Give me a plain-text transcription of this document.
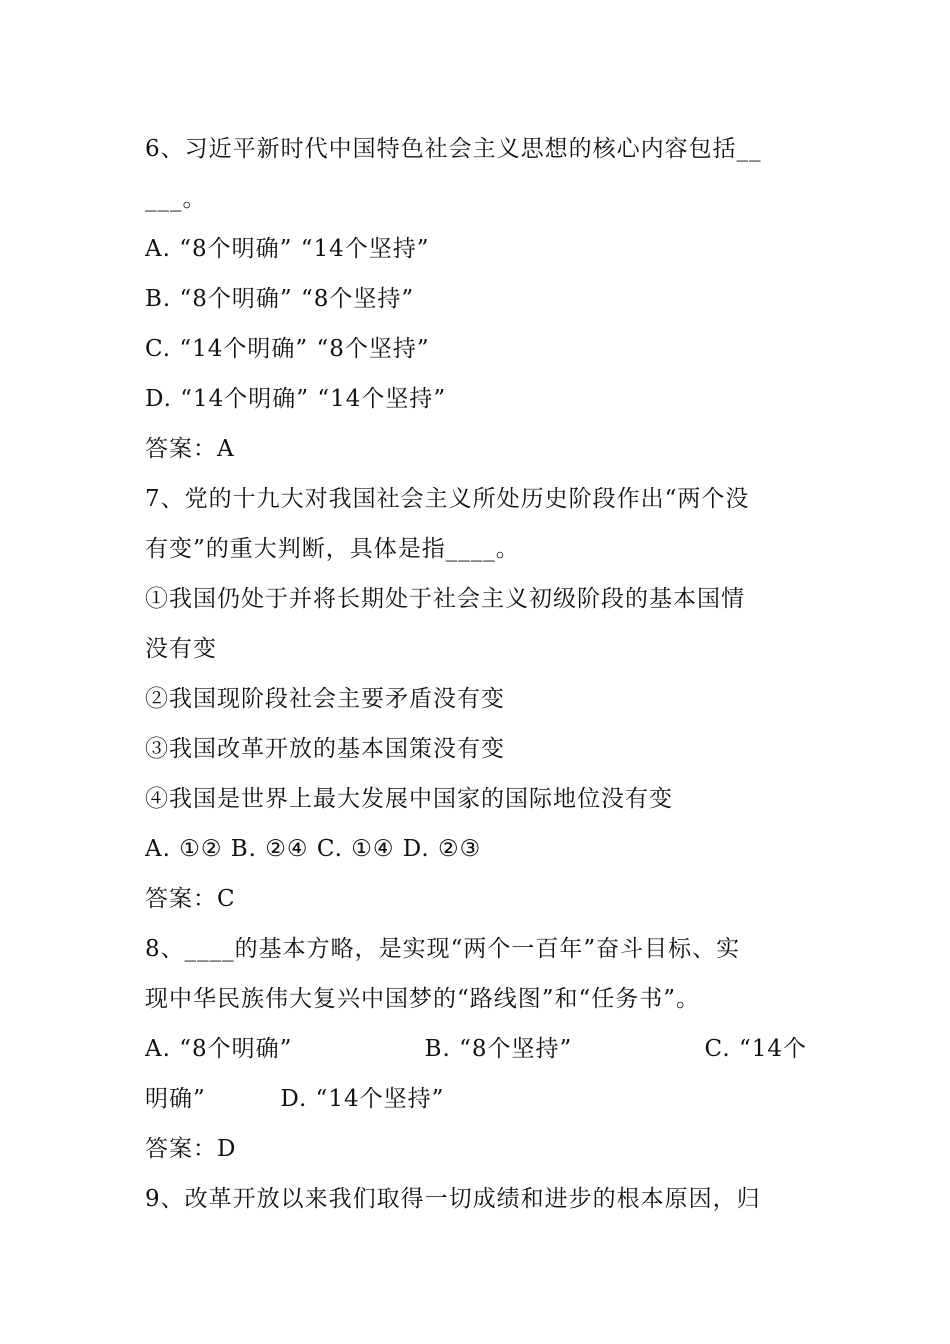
6、习近平新时代中国特色社会主义思想的核心内容包括__
___。
A. “8个明确” “14个坚持”
B. “8个明确” “8个坚持”
C. “14个明确” “8个坚持”
D. “14个明确” “14个坚持”
答案：A
7、党的十九大对我国社会主义所处历史阶段作出“两个没
有变”的重大判断，具体是指____。
①我国仍处于并将长期处于社会主义初级阶段的基本国情
没有变
②我国现阶段社会主要矛盾没有变
③我国改革开放的基本国策没有变
④我国是世界上最大发展中国家的国际地位没有变
A. ①② B. ②④ C. ①④ D. ②③
答案：C
8、____的基本方略，是实现“两个一百年”奋斗目标、实
现中华民族伟大复兴中国梦的“路线图”和“任务书”。
A. “8个明确”	B. “8个坚持”	C. “14个
明确”	D. “14个坚持”
答案：D
9、改革开放以来我们取得一切成绩和进步的根本原因，归
